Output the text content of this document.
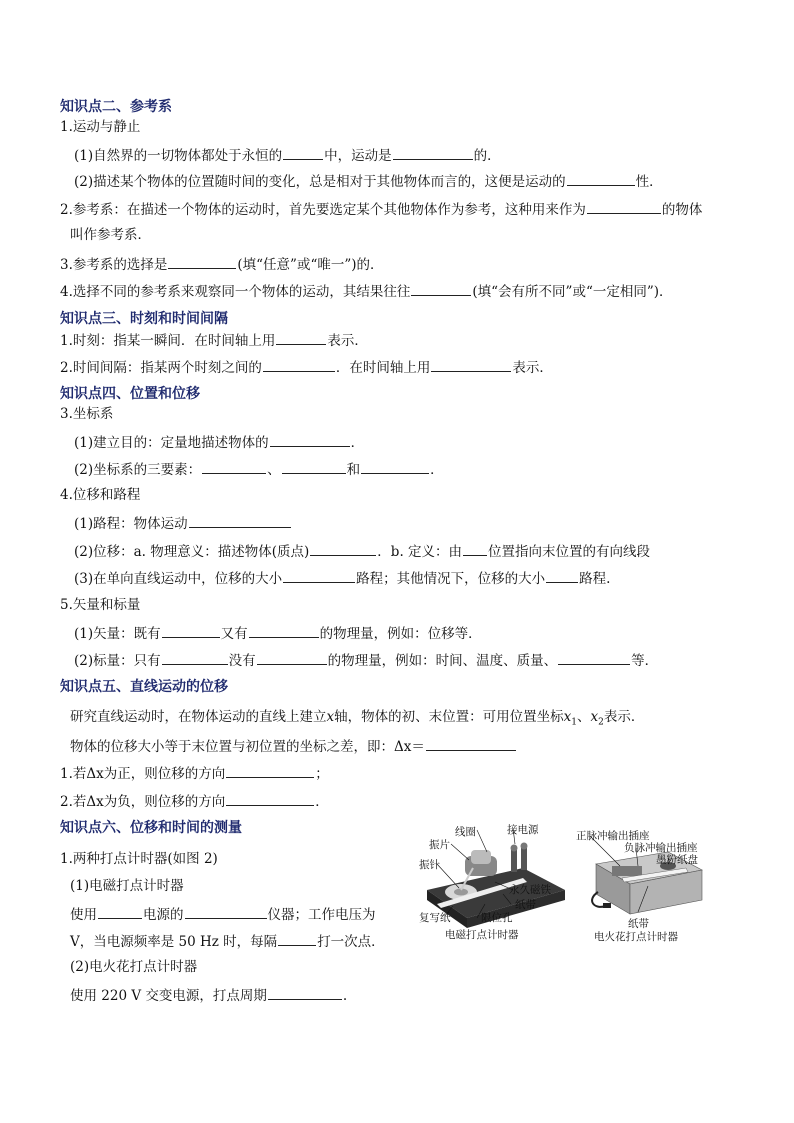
知识点二、参考系
1.运动与静止
(1)自然界的一切物体都处于永恒的	中，运动是	的．
(2)描述某个物体的位置随时间的变化，总是相对于其他物体而言的，这便是运动的	性．
2.参考系：在描述一个物体的运动时，首先要选定某个其他物体作为参考，这种用来作为	的物体
叫作参考系．
3.参考系的选择是	(填“任意”或“唯一”)的．
4.选择不同的参考系来观察同一个物体的运动，其结果往往	(填“会有所不同”或“一定相同”)．
知识点三、时刻和时间间隔
1.时刻：指某一瞬间．在时间轴上用	表示．
2.时间间隔：指某两个时刻之间的	．在时间轴上用	表示．
知识点四、位置和位移
3.坐标系
(1)建立目的：定量地描述物体的	．
(2)坐标系的三要素：	、	和	．
4.位移和路程
(1)路程：物体运动
(2)位移：a. 物理意义：描述物体(质点)	．b. 定义：由 位置指向末位置的有向线段
(3)在单向直线运动中，位移的大小	路程；其他情况下，位移的大小	路程.
5.矢量和标量
(1)矢量：既有	又有	的物理量，例如：位移等．
(2)标量：只有	没有	的物理量，例如：时间、温度、质量、	等．
知识点五、直线运动的位移
研究直线运动时，在物体运动的直线上建立x轴，物体的初、末位置：可用位置坐标$x_1$、$x_2$表示．
物体的位移大小等于末位置与初位置的坐标之差，即：Δx＝
1.若Δx为正，则位移的方向	；
2.若Δx为负，则位移的方向	．
知识点六、位移和时间的测量
1.两种打点计时器(如图 2)
(1)电磁打点计时器
使用	电源的	仪器；工作电压为
V，当电源频率是 50 Hz 时，每隔	打一次点．
(2)电火花打点计时器
使用 220 V 交变电源，打点周期	.
线圈	接电源
振片
振针
永久磁铁
纸带
复写纸	限位孔
电磁打点计时器
正脉冲输出插座
负脉冲输出插座
墨粉纸盘
纸带
电火花打点计时器
